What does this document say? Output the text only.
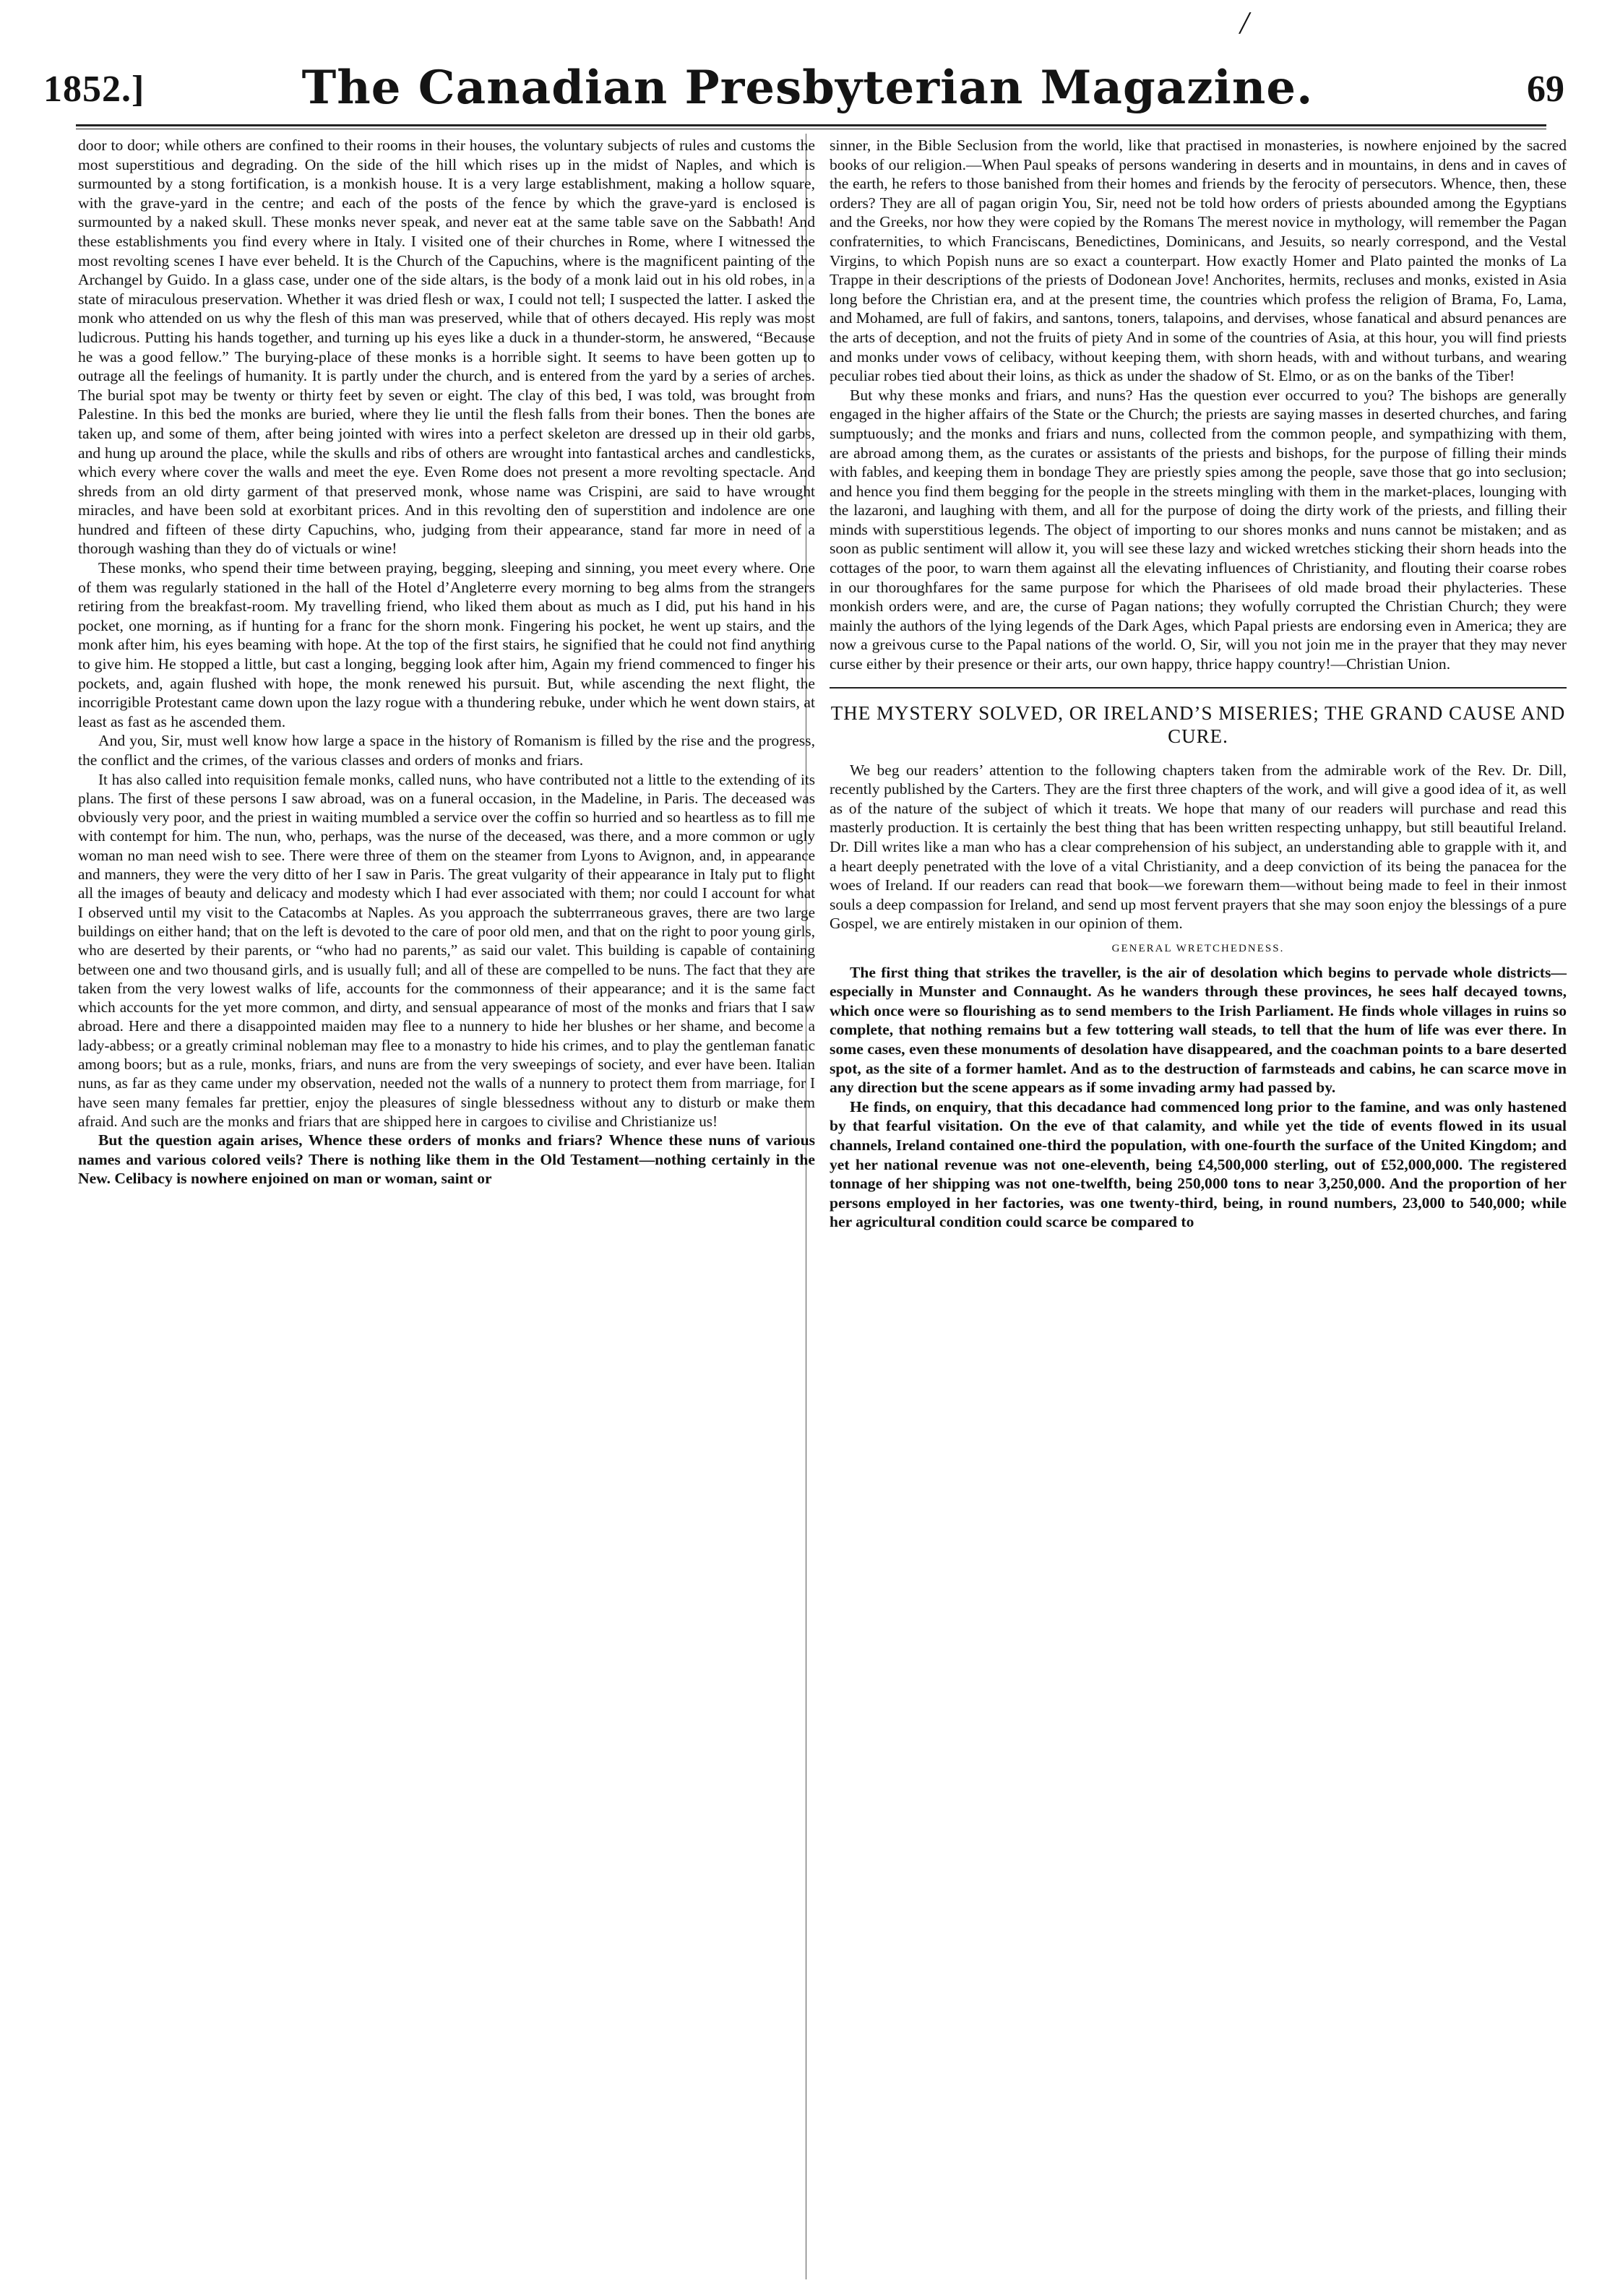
/
1852.]	The Canadian Presbyterian Magazine.	69

door to door; while others are confined to their rooms in their houses, the voluntary subjects of rules and customs the most superstitious and degrading. On the side of the hill which rises up in the midst of Naples, and which is surmounted by a stong fortification, is a monkish house. It is a very large establishment, making a hollow square, with the grave-yard in the centre; and each of the posts of the fence by which the grave-yard is enclosed is surmounted by a naked skull. These monks never speak, and never eat at the same table save on the Sabbath! And these establishments you find every where in Italy. I visited one of their churches in Rome, where I witnessed the most revolting scenes I have ever beheld. It is the Church of the Capuchins, where is the magnificent painting of the Archangel by Guido. In a glass case, under one of the side altars, is the body of a monk laid out in his old robes, in a state of miraculous preservation. Whether it was dried flesh or wax, I could not tell; I suspected the latter. I asked the monk who attended on us why the flesh of this man was preserved, while that of others decayed. His reply was most ludicrous. Putting his hands together, and turning up his eyes like a duck in a thunder-storm, he answered, “Because he was a good fellow.” The burying-place of these monks is a horrible sight. It seems to have been gotten up to outrage all the feelings of humanity. It is partly under the church, and is entered from the yard by a series of arches. The burial spot may be twenty or thirty feet by seven or eight. The clay of this bed, I was told, was brought from Palestine. In this bed the monks are buried, where they lie until the flesh falls from their bones. Then the bones are taken up, and some of them, after being jointed with wires into a perfect skeleton are dressed up in their old garbs, and hung up around the place, while the skulls and ribs of others are wrought into fantastical arches and candlesticks, which every where cover the walls and meet the eye. Even Rome does not present a more revolting spectacle. And shreds from an old dirty garment of that preserved monk, whose name was Crispini, are said to have wrought miracles, and have been sold at exorbitant prices. And in this revolting den of superstition and indolence are one hundred and fifteen of these dirty Capuchins, who, judging from their appearance, stand far more in need of a thorough washing than they do of victuals or wine!

These monks, who spend their time between praying, begging, sleeping and sinning, you meet every where. One of them was regularly stationed in the hall of the Hotel d’Angleterre every morning to beg alms from the strangers retiring from the breakfast-room. My travelling friend, who liked them about as much as I did, put his hand in his pocket, one morning, as if hunting for a franc for the shorn monk. Fingering his pocket, he went up stairs, and the monk after him, his eyes beaming with hope. At the top of the first stairs, he signified that he could not find anything to give him. He stopped a little, but cast a longing, begging look after him, Again my friend commenced to finger his pockets, and, again flushed with hope, the monk renewed his pursuit. But, while ascending the next flight, the incorrigible Protestant came down upon the lazy rogue with a thundering rebuke, under which he went down stairs, at least as fast as he ascended them.

And you, Sir, must well know how large a space in the history of Romanism is filled by the rise and the progress, the conflict and the crimes, of the various classes and orders of monks and friars.

It has also called into requisition female monks, called nuns, who have contributed not a little to the extending of its plans. The first of these persons I saw abroad, was on a funeral occasion, in the Madeline, in Paris. The deceased was obviously very poor, and the priest in waiting mumbled a service over the coffin so hurried and so heartless as to fill me with contempt for him. The nun, who, perhaps, was the nurse of the deceased, was there, and a more common or ugly woman no man need wish to see. There were three of them on the steamer from Lyons to Avignon, and, in appearance and manners, they were the very ditto of her I saw in Paris. The great vulgarity of their appearance in Italy put to flight all the images of beauty and delicacy and modesty which I had ever associated with them; nor could I account for what I observed until my visit to the Catacombs at Naples. As you approach the subterrraneous graves, there are two large buildings on either hand; that on the left is devoted to the care of poor old men, and that on the right to poor young girls, who are deserted by their parents, or “who had no parents,” as said our valet. This building is capable of containing between one and two thousand girls, and is usually full; and all of these are compelled to be nuns. The fact that they are taken from the very lowest walks of life, accounts for the commonness of their appearance; and it is the same fact which accounts for the yet more common, and dirty, and sensual appearance of most of the monks and friars that I saw abroad. Here and there a disappointed maiden may flee to a nunnery to hide her blushes or her shame, and become a lady-abbess; or a greatly criminal nobleman may flee to a monastry to hide his crimes, and to play the gentleman fanatic among boors; but as a rule, monks, friars, and nuns are from the very sweepings of society, and ever have been. Italian nuns, as far as they came under my observation, needed not the walls of a nunnery to protect them from marriage, for I have seen many females far prettier, enjoy the pleasures of single blessedness without any to disturb or make them afraid. And such are the monks and friars that are shipped here in cargoes to civilise and Christianize us!

But the question again arises, Whence these orders of monks and friars? Whence these nuns of various names and various colored veils? There is nothing like them in the Old Testament—nothing certainly in the New. Celibacy is nowhere enjoined on man or woman, saint or

sinner, in the Bible Seclusion from the world, like that practised in monasteries, is nowhere enjoined by the sacred books of our religion.—When Paul speaks of persons wandering in deserts and in mountains, in dens and in caves of the earth, he refers to those banished from their homes and friends by the ferocity of persecutors. Whence, then, these orders? They are all of pagan origin You, Sir, need not be told how orders of priests abounded among the Egyptians and the Greeks, nor how they were copied by the Romans The merest novice in mythology, will remember the Pagan confraternities, to which Franciscans, Benedictines, Dominicans, and Jesuits, so nearly correspond, and the Vestal Virgins, to which Popish nuns are so exact a counterpart. How exactly Homer and Plato painted the monks of La Trappe in their descriptions of the priests of Dodonean Jove! Anchorites, hermits, recluses and monks, existed in Asia long before the Christian era, and at the present time, the countries which profess the religion of Brama, Fo, Lama, and Mohamed, are full of fakirs, and santons, toners, talapoins, and dervises, whose fanatical and absurd penances are the arts of deception, and not the fruits of piety And in some of the countries of Asia, at this hour, you will find priests and monks under vows of celibacy, without keeping them, with shorn heads, with and without turbans, and wearing peculiar robes tied about their loins, as thick as under the shadow of St. Elmo, or as on the banks of the Tiber!

But why these monks and friars, and nuns? Has the question ever occurred to you? The bishops are generally engaged in the higher affairs of the State or the Church; the priests are saying masses in deserted churches, and faring sumptuously; and the monks and friars and nuns, collected from the common people, and sympathizing with them, are abroad among them, as the curates or assistants of the priests and bishops, for the purpose of filling their minds with fables, and keeping them in bondage They are priestly spies among the people, save those that go into seclusion; and hence you find them begging for the people in the streets mingling with them in the market-places, lounging with the lazaroni, and laughing with them, and all for the purpose of doing the dirty work of the priests, and filling their minds with superstitious legends. The object of importing to our shores monks and nuns cannot be mistaken; and as soon as public sentiment will allow it, you will see these lazy and wicked wretches sticking their shorn heads into the cottages of the poor, to warn them against all the elevating influences of Christianity, and flouting their coarse robes in our thoroughfares for the same purpose for which the Pharisees of old made broad their phylacteries. These monkish orders were, and are, the curse of Pagan nations; they wofully corrupted the Christian Church; they were mainly the authors of the lying legends of the Dark Ages, which Papal priests are endorsing even in America; they are now a greivous curse to the Papal nations of the world. O, Sir, will you not join me in the prayer that they may never curse either by their presence or their arts, our own happy, thrice happy country!—Christian Union.

THE MYSTERY SOLVED, OR IRELAND’S MISERIES; THE GRAND CAUSE AND CURE.

We beg our readers’ attention to the following chapters taken from the admirable work of the Rev. Dr. Dill, recently published by the Carters. They are the first three chapters of the work, and will give a good idea of it, as well as of the nature of the subject of which it treats. We hope that many of our readers will purchase and read this masterly production. It is certainly the best thing that has been written respecting unhappy, but still beautiful Ireland. Dr. Dill writes like a man who has a clear comprehension of his subject, an understanding able to grapple with it, and a heart deeply penetrated with the love of a vital Christianity, and a deep conviction of its being the panacea for the woes of Ireland. If our readers can read that book—we forewarn them—without being made to feel in their inmost souls a deep compassion for Ireland, and send up most fervent prayers that she may soon enjoy the blessings of a pure Gospel, we are entirely mistaken in our opinion of them.

GENERAL WRETCHEDNESS.

The first thing that strikes the traveller, is the air of desolation which begins to pervade whole districts—especially in Munster and Connaught. As he wanders through these provinces, he sees half decayed towns, which once were so flourishing as to send members to the Irish Parliament. He finds whole villages in ruins so complete, that nothing remains but a few tottering wall steads, to tell that the hum of life was ever there. In some cases, even these monuments of desolation have disappeared, and the coachman points to a bare deserted spot, as the site of a former hamlet. And as to the destruction of farmsteads and cabins, he can scarce move in any direction but the scene appears as if some invading army had passed by.

He finds, on enquiry, that this decadance had commenced long prior to the famine, and was only hastened by that fearful visitation. On the eve of that calamity, and while yet the tide of events flowed in its usual channels, Ireland contained one-third the population, with one-fourth the surface of the United Kingdom; and yet her national revenue was not one-eleventh, being £4,500,000 sterling, out of £52,000,000. The registered tonnage of her shipping was not one-twelfth, being 250,000 tons to near 3,250,000. And the proportion of her persons employed in her factories, was one twenty-third, being, in round numbers, 23,000 to 540,000; while her agricultural condition could scarce be compared to
